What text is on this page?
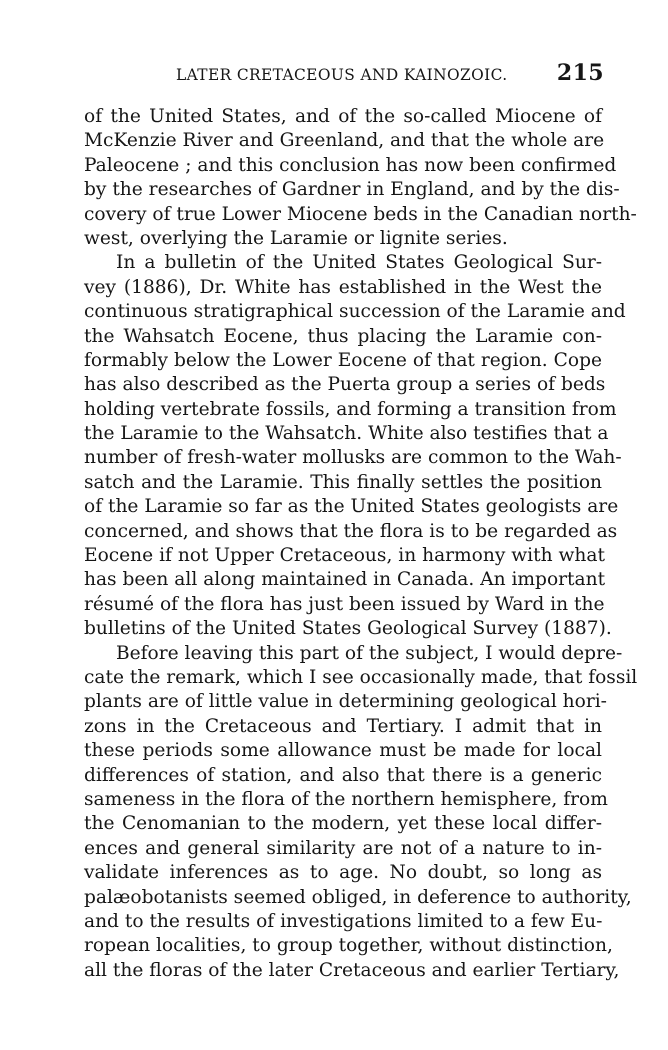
LATER CRETACEOUS AND KAINOZOIC. 215
of the United States, and of the so-called Miocene of
McKenzie River and Greenland, and that the whole are
Paleocene ; and this conclusion has now been confirmed
by the researches of Gardner in England, and by the dis-
covery of true Lower Miocene beds in the Canadian north-
west, overlying the Laramie or lignite series.
In a bulletin of the United States Geological Sur-
vey (1886), Dr. White has established in the West the
continuous stratigraphical succession of the Laramie and
the Wahsatch Eocene, thus placing the Laramie con-
formably below the Lower Eocene of that region. Cope
has also described as the Puerta group a series of beds
holding vertebrate fossils, and forming a transition from
the Laramie to the Wahsatch. White also testifies that a
number of fresh-water mollusks are common to the Wah-
satch and the Laramie. This finally settles the position
of the Laramie so far as the United States geologists are
concerned, and shows that the flora is to be regarded as
Eocene if not Upper Cretaceous, in harmony with what
has been all along maintained in Canada. An important
résumé of the flora has just been issued by Ward in the
bulletins of the United States Geological Survey (1887).
Before leaving this part of the subject, I would depre-
cate the remark, which I see occasionally made, that fossil
plants are of little value in determining geological hori-
zons in the Cretaceous and Tertiary. I admit that in
these periods some allowance must be made for local
differences of station, and also that there is a generic
sameness in the flora of the northern hemisphere, from
the Cenomanian to the modern, yet these local differ-
ences and general similarity are not of a nature to in-
validate inferences as to age. No doubt, so long as
palæobotanists seemed obliged, in deference to authority,
and to the results of investigations limited to a few Eu-
ropean localities, to group together, without distinction,
all the floras of the later Cretaceous and earlier Tertiary,
